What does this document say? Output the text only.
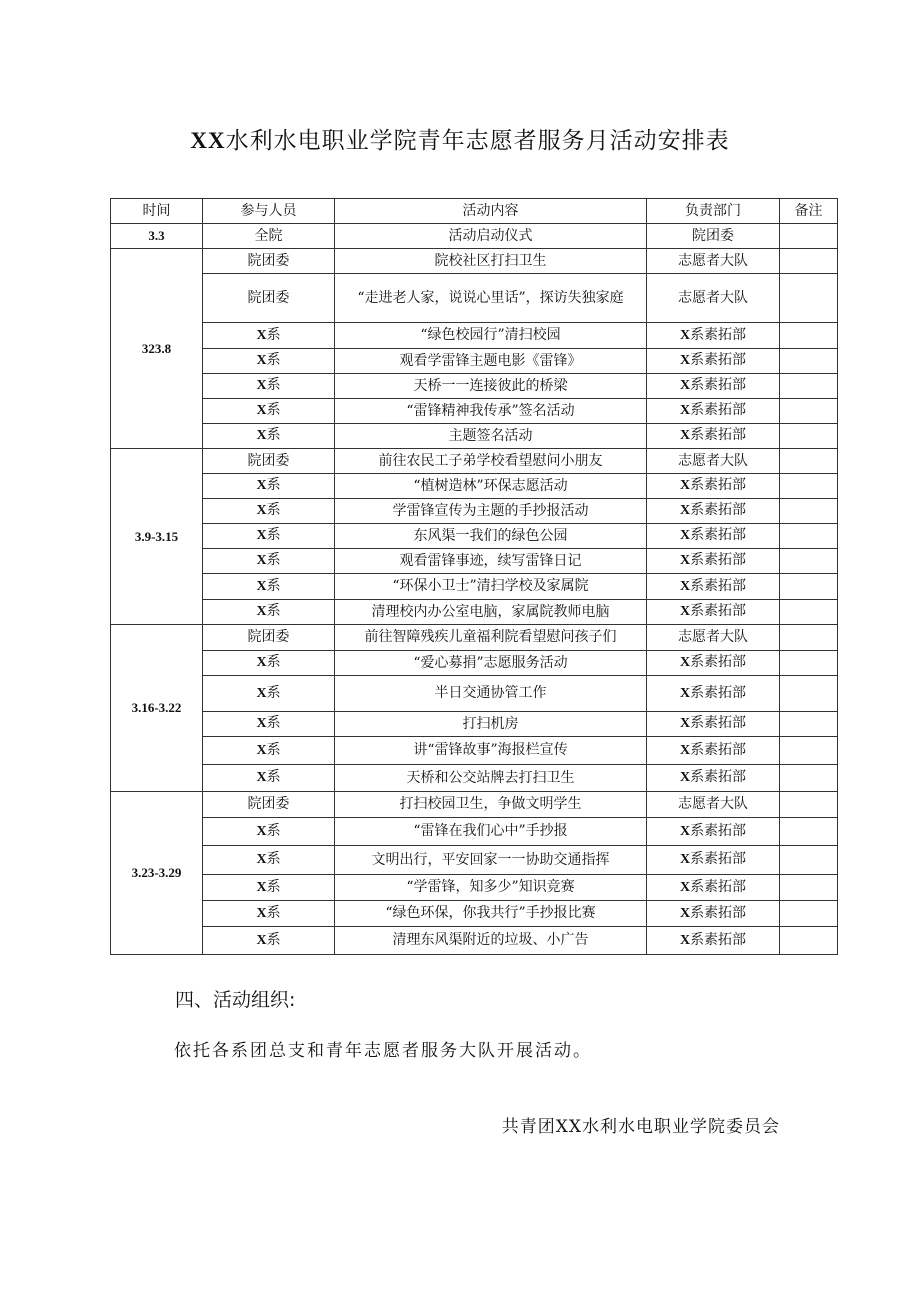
XX水利水电职业学院青年志愿者服务月活动安排表
时间	参与人员	活动内容	负责部门	备注
3.3	全院	活动启动仪式	院团委	
323.8	院团委	院校社区打扫卫生	志愿者大队	
	院团委	“走进老人家，说说心里话”，探访失独家庭	志愿者大队	
	X系	“绿色校园行”清扫校园	X系素拓部	
	X系	观看学雷锋主题电影《雷锋》	X系素拓部	
	X系	天桥一一连接彼此的桥梁	X系素拓部	
	X系	“雷锋精神我传承”签名活动	X系素拓部	
	X系	主题签名活动	X系素拓部	
3.9-3.15	院团委	前往农民工子弟学校看望慰问小朋友	志愿者大队	
	X系	“植树造林”环保志愿活动	X系素拓部	
	X系	学雷锋宣传为主题的手抄报活动	X系素拓部	
	X系	东风渠一我们的绿色公园	X系素拓部	
	X系	观看雷锋事迹，续写雷锋日记	X系素拓部	
	X系	“环保小卫士”清扫学校及家属院	X系素拓部	
	X系	清理校内办公室电脑，家属院教师电脑	X系素拓部	
3.16-3.22	院团委	前往智障残疾儿童福利院看望慰问孩子们	志愿者大队	
	X系	“爱心募捐”志愿服务活动	X系素拓部	
	X系	半日交通协管工作	X系素拓部	
	X系	打扫机房	X系素拓部	
	X系	讲“雷锋故事”海报栏宣传	X系素拓部	
	X系	天桥和公交站牌去打扫卫生	X系素拓部	
3.23-3.29	院团委	打扫校园卫生，争做文明学生	志愿者大队	
	X系	“雷锋在我们心中”手抄报	X系素拓部	
	X系	文明出行，平安回家一一协助交通指挥	X系素拓部	
	X系	“学雷锋，知多少”知识竞赛	X系素拓部	
	X系	“绿色环保，你我共行”手抄报比赛	X系素拓部	
	X系	清理东风渠附近的垃圾、小广告	X系素拓部	
四、活动组织:
依托各系团总支和青年志愿者服务大队开展活动。
共青团XX水利水电职业学院委员会
